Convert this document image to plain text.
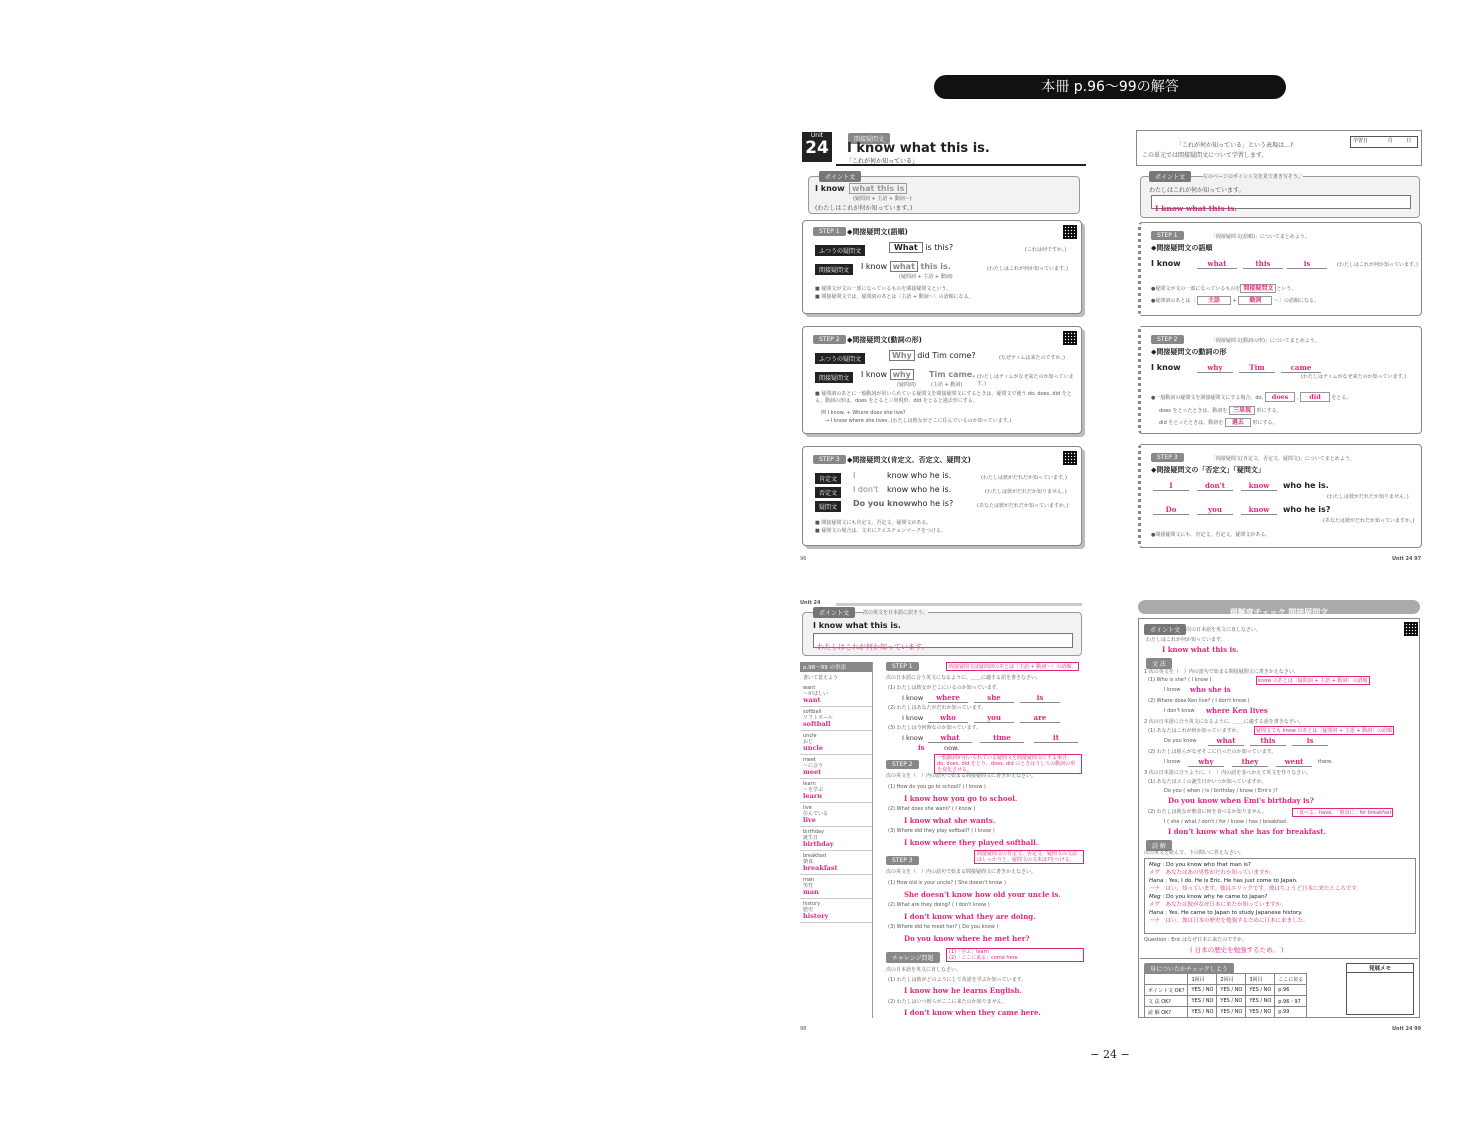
本冊 p.96〜99の解答
Unit
24	間接疑問文
I know what this is.
「これが何か知っている」
ポイント文
I know what this is
(疑問詞 + 主語 + 動詞～)
(わたしはこれが何か知っています。)
STEP 1	◆間接疑問文(語順)
ふつうの疑問文	What is this?	(これは何ですか。)
間接疑問文	I know what this is.
(疑問詞 + 主語 + 動詞)
(わたしはこれが何か知っています。)
■ 疑問文が文の一部になっているものを間接疑問文という。
■ 間接疑問文では、疑問詞のあとは〔主語 + 動詞～〕の語順になる。
STEP 2	◆間接疑問文(動詞の形)
ふつうの疑問文	Why did Tim come?	(なぜティムは来たのですか。)
間接疑問文	I know why	Tim came.
(疑問詞)	(主語 + 動詞)
(わたしはティムがなぜ来たのか知っています。)
■ 疑問詞のあとに一般動詞が用いられている疑問文を間接疑問文にするときは、疑問文で使う do, does, did をとる。動詞の形は、does をとると三単現形、did をとると過去形にする。
例 I know. + Where does she live?
→ I know where she lives. (わたしは彼女がどこに住んでいるのか知っています。)
STEP 3	◆間接疑問文(肯定文、否定文、疑問文)
肯定文	I	know who he is.	(わたしは彼がだれだか知っています。)
否定文	I don't know who he is.	(わたしは彼がだれだか知りません。)
疑問文	Do you know who he is?	(あなたは彼がだれだか知っていますか。)
■ 間接疑問文にも肯定文、否定文、疑問文がある。
■ 疑問文の場合は、文末にクエスチョンマークをつける。
96
「これが何か知っている」という表現は…?
この単元では間接疑問文について学習します。
学習日	月	日
ポイント文	左のページのポイント文を見て書き写そう。
わたしはこれが何か知っています。
I know what this is.
STEP 1	「間接疑問文(語順)」についてまとめよう。
◆間接疑問文の語順
I know	what	this	is	(わたしはこれが何か知っています。)
●疑問文が文の一部になっているものを 間接疑問文 という。
●疑問詞のあとは〔 主語 + 動詞	～〕の語順になる。
STEP 2	「間接疑問文(動詞の形)」についてまとめよう。
◆間接疑問文の動詞の形
I know	why	Tim	came
(わたしはティムがなぜ来たのか知っています。)
●一般動詞の疑問文を間接疑問文にする場合、do, does , did をとる。
does をとったときは、動詞を 三単現 形にする。
did をとったときは、動詞を 過去 形にする。
STEP 3	「間接疑問文(肯定文、否定文、疑問文)」についてまとめよう。
◆間接疑問文の「否定文」「疑問文」
I	don't	know	who he is.
(わたしは彼がだれだか知りません。)
Do	you	know	who he is?
(あなたは彼がだれだか知っていますか。)
●間接疑問文にも、肯定文、否定文、疑問文がある。
Unit 24 97
Unit 24
ポイント文	次の英文を日本語に訳そう。
I know what this is.
わたしはこれが何か知っています。
p.98〜99 の単語
書いて覚えよう
want
～がほしい
want
softball
ソフトボール
softball
uncle
おじ
uncle
meet
～に会う
meet
learn
～を学ぶ
learn
live
住んでいる
live
birthday
誕生日
birthday
breakfast
朝食
breakfast
man
男性
man
history
歴史
history
STEP 1	間接疑問文は疑問詞のあとは〔主語 + 動詞～〕の語順。
次の日本語に合う英文になるように、＿＿に適する語を書きなさい。
(1) わたしは彼女がどこにいるのか知っています。
I know	where	she	is
(2) わたしはあなたがだれか知っています。
I know	who	you	are
(3) わたしは今何時なのか知っています。
I know	what	time	it
is	now.
STEP 2
一般動詞が用いられている疑問文を間接疑問文にする場合、do, does, did をとり、does, did のときはうしろの動詞の形を変化させる。
次の英文を（　）内の語句で始まる間接疑問文に書きかえなさい。
(1) How do you go to school? ( I know )
I know how you go to school.
(2) What does she want? ( I know )
I know what she wants.
(3) Where did they play softball? ( I know )
I know where they played softball.
STEP 3
間接疑問文の肯定文、否定文、疑問文の文法はしっかりと。疑問文の文末は?をつける。
次の英文を（　）内の語句で始まる間接疑問文に書きかえなさい。
(1) How old is your uncle? ( She doesn't know )
She doesn't know how old your uncle is.
(2) What are they doing? ( I don't know )
I don't know what they are doing.
(3) Where did he meet her? ( Do you know )
Do you know where he met her?
チャレンジ問題
(1)「学ぶ」learn
(2)「ここに来る」come here
次の日本語を英文に直しなさい。
(1) わたしは彼がどのようにして英語を学ぶか知っています。
I know how he learns English.
(2) わたしはいつ彼らがここに来たのか知りません。
I don't know when they came here.
98
理解度チェック 間接疑問文
ポイント文	次の日本語を英文に直しなさい。
わたしはこれが何か知っています。
I know what this is.
文 法
1 次の英文を（　）内の語句で始まる間接疑問文に書きかえなさい。
(1) Who is she? ( I know )	know のあとは〔疑問詞 + 主語 + 動詞〕の語順
I know who she is
(2) Where does Ken live? ( I don't know )
I don't know where Ken lives
2 次の日本語に合う英文になるように、＿＿に適する語を書きなさい。
(1) あなたはこれが何か知っていますか。	疑問文でも know のあとは〔疑問詞 + 主語 + 動詞〕の語順
Do you know	what	this	is
(2) わたしは彼らがなぜそこに行ったのか知っています。
I know	why	they	went	there.
3 次の日本語に合うように、（　）内の語を並べかえて英文を作りなさい。
(1) あなたはエミの誕生日がいつか知っていますか。
Do you ( when / is / birthday / know / Emi's )?
Do you know when Emi's birthday is?
(2) わたしは彼女が朝食に何を食べるか知りません。	「食べる」have, 「朝食に」for breakfast
I ( she / what / don't / for / know / has ) breakfast.
I don't know what she has for breakfast.
読 解
次の英文を読んで、下の問いに答えなさい。
Meg : Do you know who that man is?
メグ　あなたはあの男性がだれか知っていますか。
Hana : Yes, I do. He is Eric. He has just come to Japan.
ハナ　はい、知っています。彼はエリックです。彼はちょうど日本に来たところです。
Meg : Do you know why he came to Japan?
メグ　あなたは彼がなぜ日本に来たか知っていますか。
Hana : Yes. He came to Japan to study Japanese history.
ハナ　はい。彼は日本の歴史を勉強するために日本に来ました。
Question : Eric はなぜ日本に来たのですか。
( 日本の歴史を勉強するため。 )
身についたかチェックしよう
	1回目	2回目	3回目	ここに戻る
ポイント文 OK?	YES / NO	YES / NO	YES / NO	p.96
文 法 OK?	YES / NO	YES / NO	YES / NO	p.96・97
読 解 OK?	YES / NO	YES / NO	YES / NO	p.99
発展メモ
Unit 24 99
− 24 −
